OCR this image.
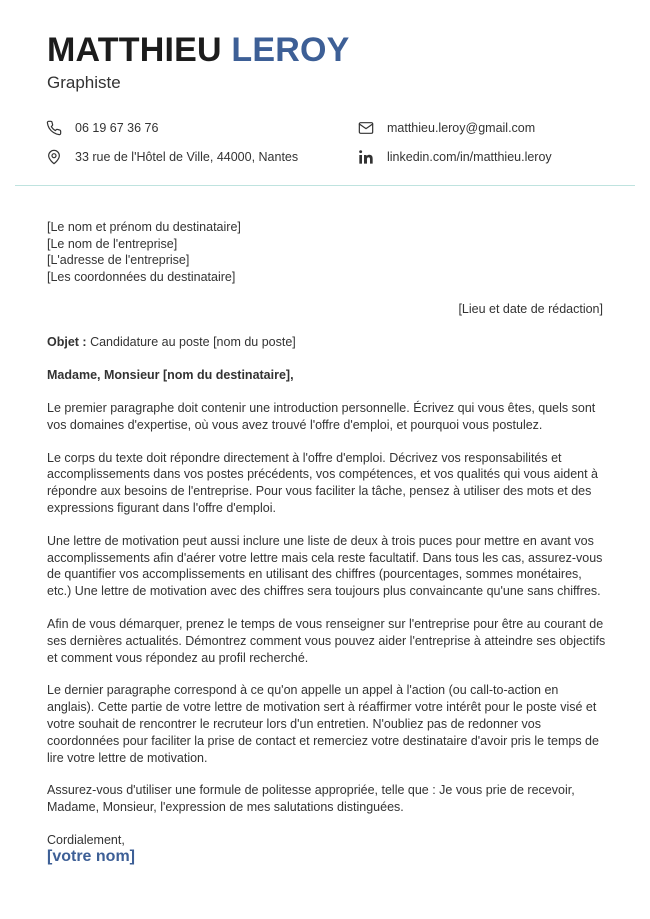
MATTHIEU LEROY
Graphiste
06 19 67 36 76
33 rue de l'Hôtel de Ville, 44000, Nantes
matthieu.leroy@gmail.com
linkedin.com/in/matthieu.leroy
[Le nom et prénom du destinataire]
[Le nom de l'entreprise]
[L'adresse de l'entreprise]
[Les coordonnées du destinataire]
[Lieu et date de rédaction]
Objet : Candidature au poste [nom du poste]
Madame, Monsieur [nom du destinataire],

Le premier paragraphe doit contenir une introduction personnelle. Écrivez qui vous êtes, quels sont vos domaines d'expertise, où vous avez trouvé l'offre d'emploi, et pourquoi vous postulez.

Le corps du texte doit répondre directement à l'offre d'emploi. Décrivez vos responsabilités et accomplissements dans vos postes précédents, vos compétences, et vos qualités qui vous aident à répondre aux besoins de l'entreprise. Pour vous faciliter la tâche, pensez à utiliser des mots et des expressions figurant dans l'offre d'emploi.

Une lettre de motivation peut aussi inclure une liste de deux à trois puces pour mettre en avant vos accomplissements afin d'aérer votre lettre mais cela reste facultatif. Dans tous les cas, assurez-vous de quantifier vos accomplissements en utilisant des chiffres (pourcentages, sommes monétaires, etc.) Une lettre de motivation avec des chiffres sera toujours plus convaincante qu'une sans chiffres.

Afin de vous démarquer, prenez le temps de vous renseigner sur l'entreprise pour être au courant de ses dernières actualités. Démontrez comment vous pouvez aider l'entreprise à atteindre ses objectifs et comment vous répondez au profil recherché.

Le dernier paragraphe correspond à ce qu'on appelle un appel à l'action (ou call-to-action en anglais). Cette partie de votre lettre de motivation sert à réaffirmer votre intérêt pour le poste visé et votre souhait de rencontrer le recruteur lors d'un entretien. N'oubliez pas de redonner vos coordonnées pour faciliter la prise de contact et remerciez votre destinataire d'avoir pris le temps de lire votre lettre de motivation.

Assurez-vous d'utiliser une formule de politesse appropriée, telle que : Je vous prie de recevoir, Madame, Monsieur, l'expression de mes salutations distinguées.

Cordialement,

[votre nom]
